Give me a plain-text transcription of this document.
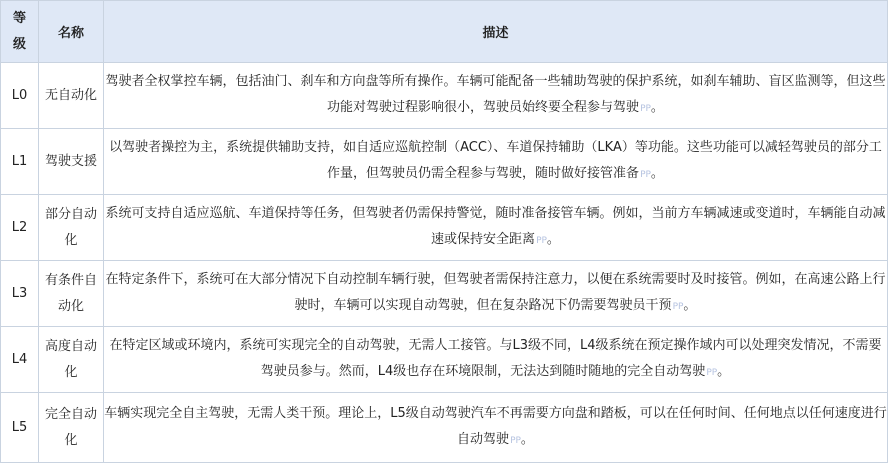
等级	名称	描述
L0	无自动化	驾驶者全权掌控车辆，包括油门、刹车和方向盘等所有操作。车辆可能配备一些辅助驾驶的保护系统，如刹车辅助、盲区监测等，但这些功能对驾驶过程影响很小，驾驶员始终要全程参与驾驶PP。
L1	驾驶支援	以驾驶者操控为主，系统提供辅助支持，如自适应巡航控制（ACC）、车道保持辅助（LKA）等功能。这些功能可以减轻驾驶员的部分工作量，但驾驶员仍需全程参与驾驶，随时做好接管准备PP。
L2	部分自动化	系统可支持自适应巡航、车道保持等任务，但驾驶者仍需保持警觉，随时准备接管车辆。例如，当前方车辆减速或变道时，车辆能自动减速或保持安全距离PP。
L3	有条件自动化	在特定条件下，系统可在大部分情况下自动控制车辆行驶，但驾驶者需保持注意力，以便在系统需要时及时接管。例如，在高速公路上行驶时，车辆可以实现自动驾驶，但在复杂路况下仍需要驾驶员干预PP。
L4	高度自动化	在特定区域或环境内，系统可实现完全的自动驾驶，无需人工接管。与L3级不同，L4级系统在预定操作域内可以处理突发情况，不需要驾驶员参与。然而，L4级也存在环境限制，无法达到随时随地的完全自动驾驶PP。
L5	完全自动化	车辆实现完全自主驾驶，无需人类干预。理论上，L5级自动驾驶汽车不再需要方向盘和踏板，可以在任何时间、任何地点以任何速度进行自动驾驶PP。
